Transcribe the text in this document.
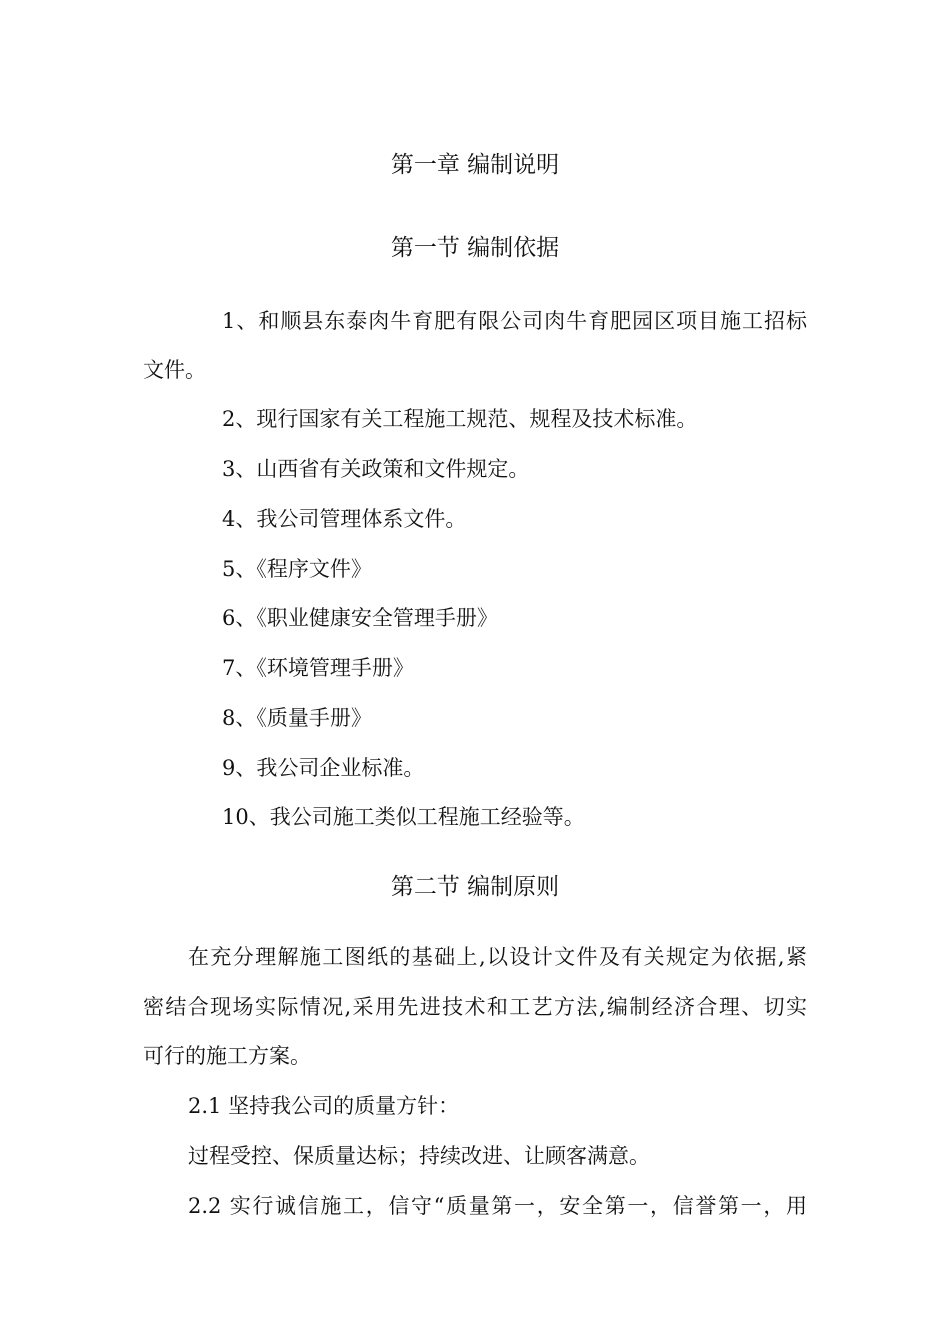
第一章 编制说明
第一节 编制依据
1、和顺县东泰肉牛育肥有限公司肉牛育肥园区项目施工招标
文件。
2、现行国家有关工程施工规范、规程及技术标准。
3、山西省有关政策和文件规定。
4、我公司管理体系文件。
5、《程序文件》
6、《职业健康安全管理手册》
7、《环境管理手册》
8、《质量手册》
9、我公司企业标准。
10、我公司施工类似工程施工经验等。
第二节 编制原则
在充分理解施工图纸的基础上,以设计文件及有关规定为依据,紧
密结合现场实际情况,采用先进技术和工艺方法,编制经济合理、切实
可行的施工方案。
2.1 坚持我公司的质量方针：
过程受控、保质量达标；持续改进、让顾客满意。
2.2 实行诚信施工，信守“质量第一，安全第一，信誉第一，用
